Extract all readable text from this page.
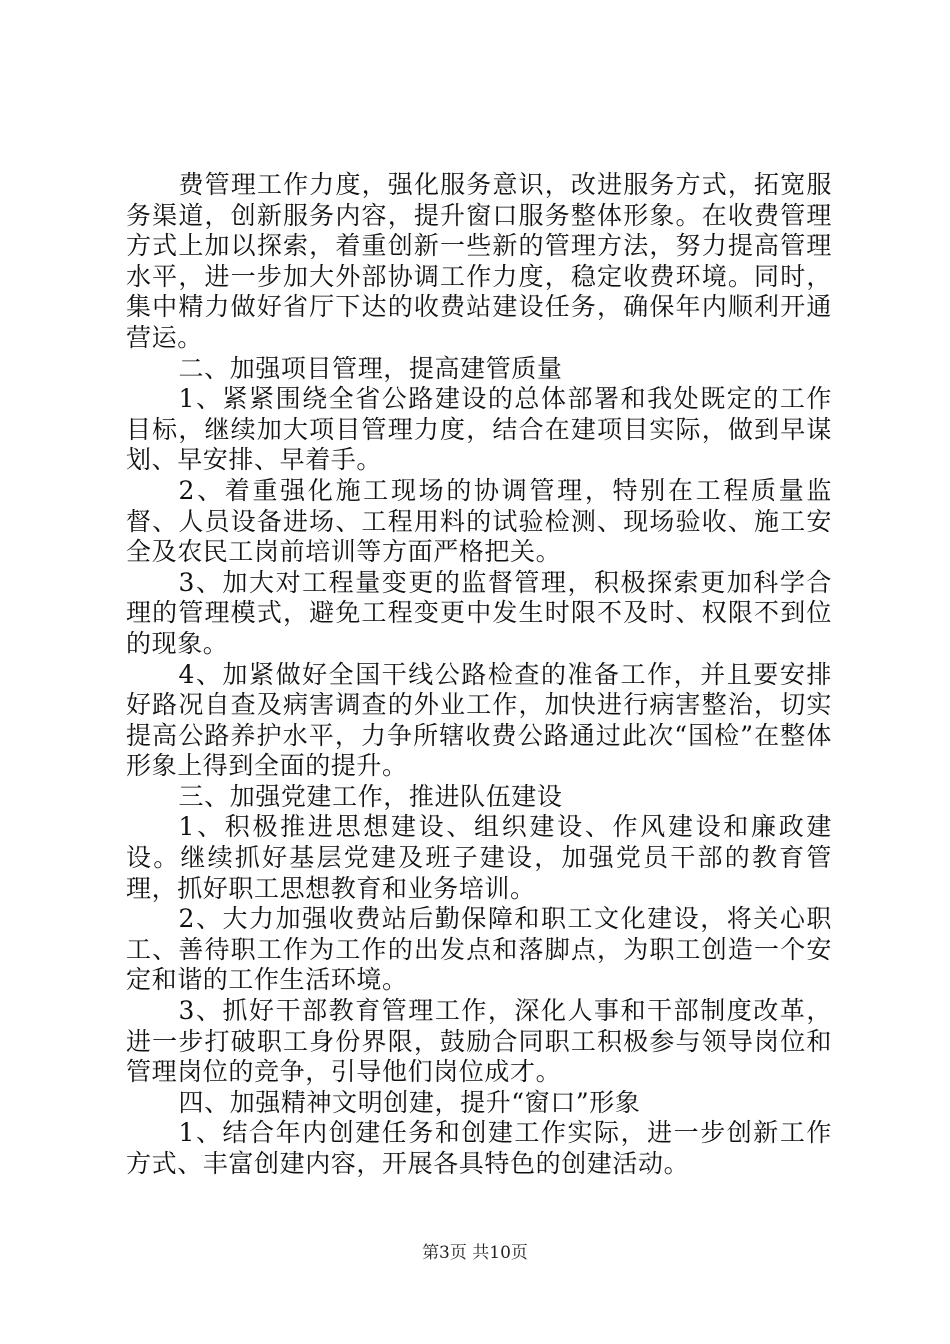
费管理工作力度，强化服务意识，改进服务方式，拓宽服务渠道，创新服务内容，提升窗口服务整体形象。在收费管理方式上加以探索，着重创新一些新的管理方法，努力提高管理水平，进一步加大外部协调工作力度，稳定收费环境。同时，集中精力做好省厅下达的收费站建设任务，确保年内顺利开通营运。

二、加强项目管理，提高建管质量

1、紧紧围绕全省公路建设的总体部署和我处既定的工作目标，继续加大项目管理力度，结合在建项目实际，做到早谋划、早安排、早着手。

2、着重强化施工现场的协调管理，特别在工程质量监督、人员设备进场、工程用料的试验检测、现场验收、施工安全及农民工岗前培训等方面严格把关。

3、加大对工程量变更的监督管理，积极探索更加科学合理的管理模式，避免工程变更中发生时限不及时、权限不到位的现象。

4、加紧做好全国干线公路检查的准备工作，并且要安排好路况自查及病害调查的外业工作，加快进行病害整治，切实提高公路养护水平，力争所辖收费公路通过此次“国检”在整体形象上得到全面的提升。

三、加强党建工作，推进队伍建设

1、积极推进思想建设、组织建设、作风建设和廉政建设。继续抓好基层党建及班子建设，加强党员干部的教育管理，抓好职工思想教育和业务培训。

2、大力加强收费站后勤保障和职工文化建设，将关心职工、善待职工作为工作的出发点和落脚点，为职工创造一个安定和谐的工作生活环境。

3、抓好干部教育管理工作，深化人事和干部制度改革，进一步打破职工身份界限，鼓励合同职工积极参与领导岗位和管理岗位的竞争，引导他们岗位成才。

四、加强精神文明创建，提升“窗口”形象

1、结合年内创建任务和创建工作实际，进一步创新工作方式、丰富创建内容，开展各具特色的创建活动。

第3页 共10页
